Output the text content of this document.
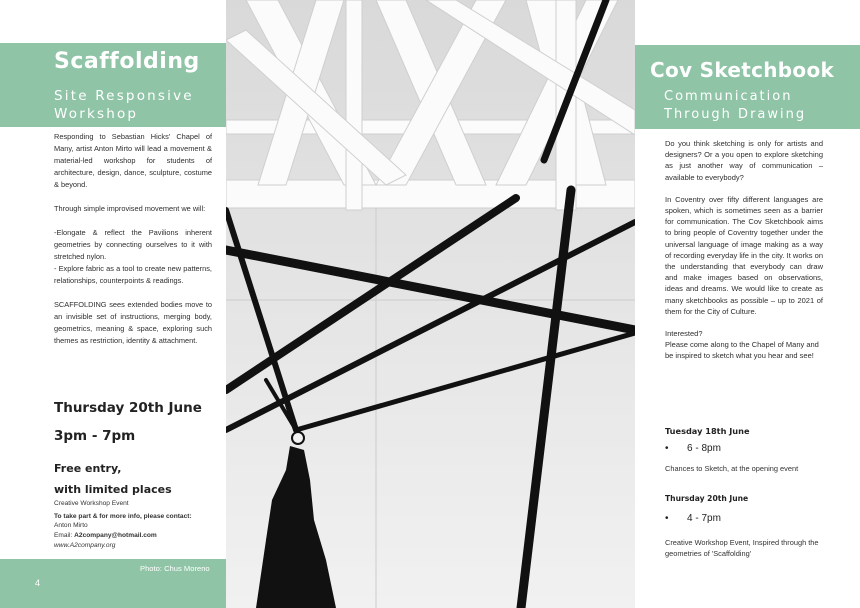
Scaffolding
Site Responsive
Workshop

Responding to Sebastian Hicks' Chapel of Many, artist Anton Mirto will lead a movement & material-led workshop for students of architecture, design, dance, sculpture, costume & beyond.

Through simple improvised movement we will:

-Elongate & reflect the Pavilions inherent geometries by connecting ourselves to it with stretched nylon.

- Explore fabric as a tool to create new patterns, relationships, counterpoints & readings.

SCAFFOLDING sees extended bodies move to an invisible set of instructions, merging body, geometrics, meaning & space, exploring such themes as restriction, identity & attachment.

Thursday 20th June
3pm - 7pm
Free entry,
with limited places
Creative Workshop Event
To take part & for more info, please contact:
Anton Mirto
Email: A2company@hotmail.com
www.A2company.org
4
Photo: Chus Moreno
Cov Sketchbook
Communication
Through Drawing

Do you think sketching is only for artists and designers? Or a you open to explore sketching as just another way of communication – available to everybody?

In Coventry over fifty different languages are spoken, which is sometimes seen as a barrier for communication. The Cov Sketchbook aims to bring people of Coventry together under the universal language of image making as a way of recording everyday life in the city. It works on the understanding that everybody can draw and make images based on observations, ideas and dreams. We would like to create as many sketchbooks as possible – up to 2021 of them for the City of Culture.

Interested?

Please come along to the Chapel of Many and be inspired to sketch what you hear and see!

Tuesday 18th June
• 6 - 8pm
Chances to Sketch, at the opening event
Thursday 20th June
• 4 - 7pm
Creative Workshop Event, Inspired through the geometries of 'Scaffolding'
